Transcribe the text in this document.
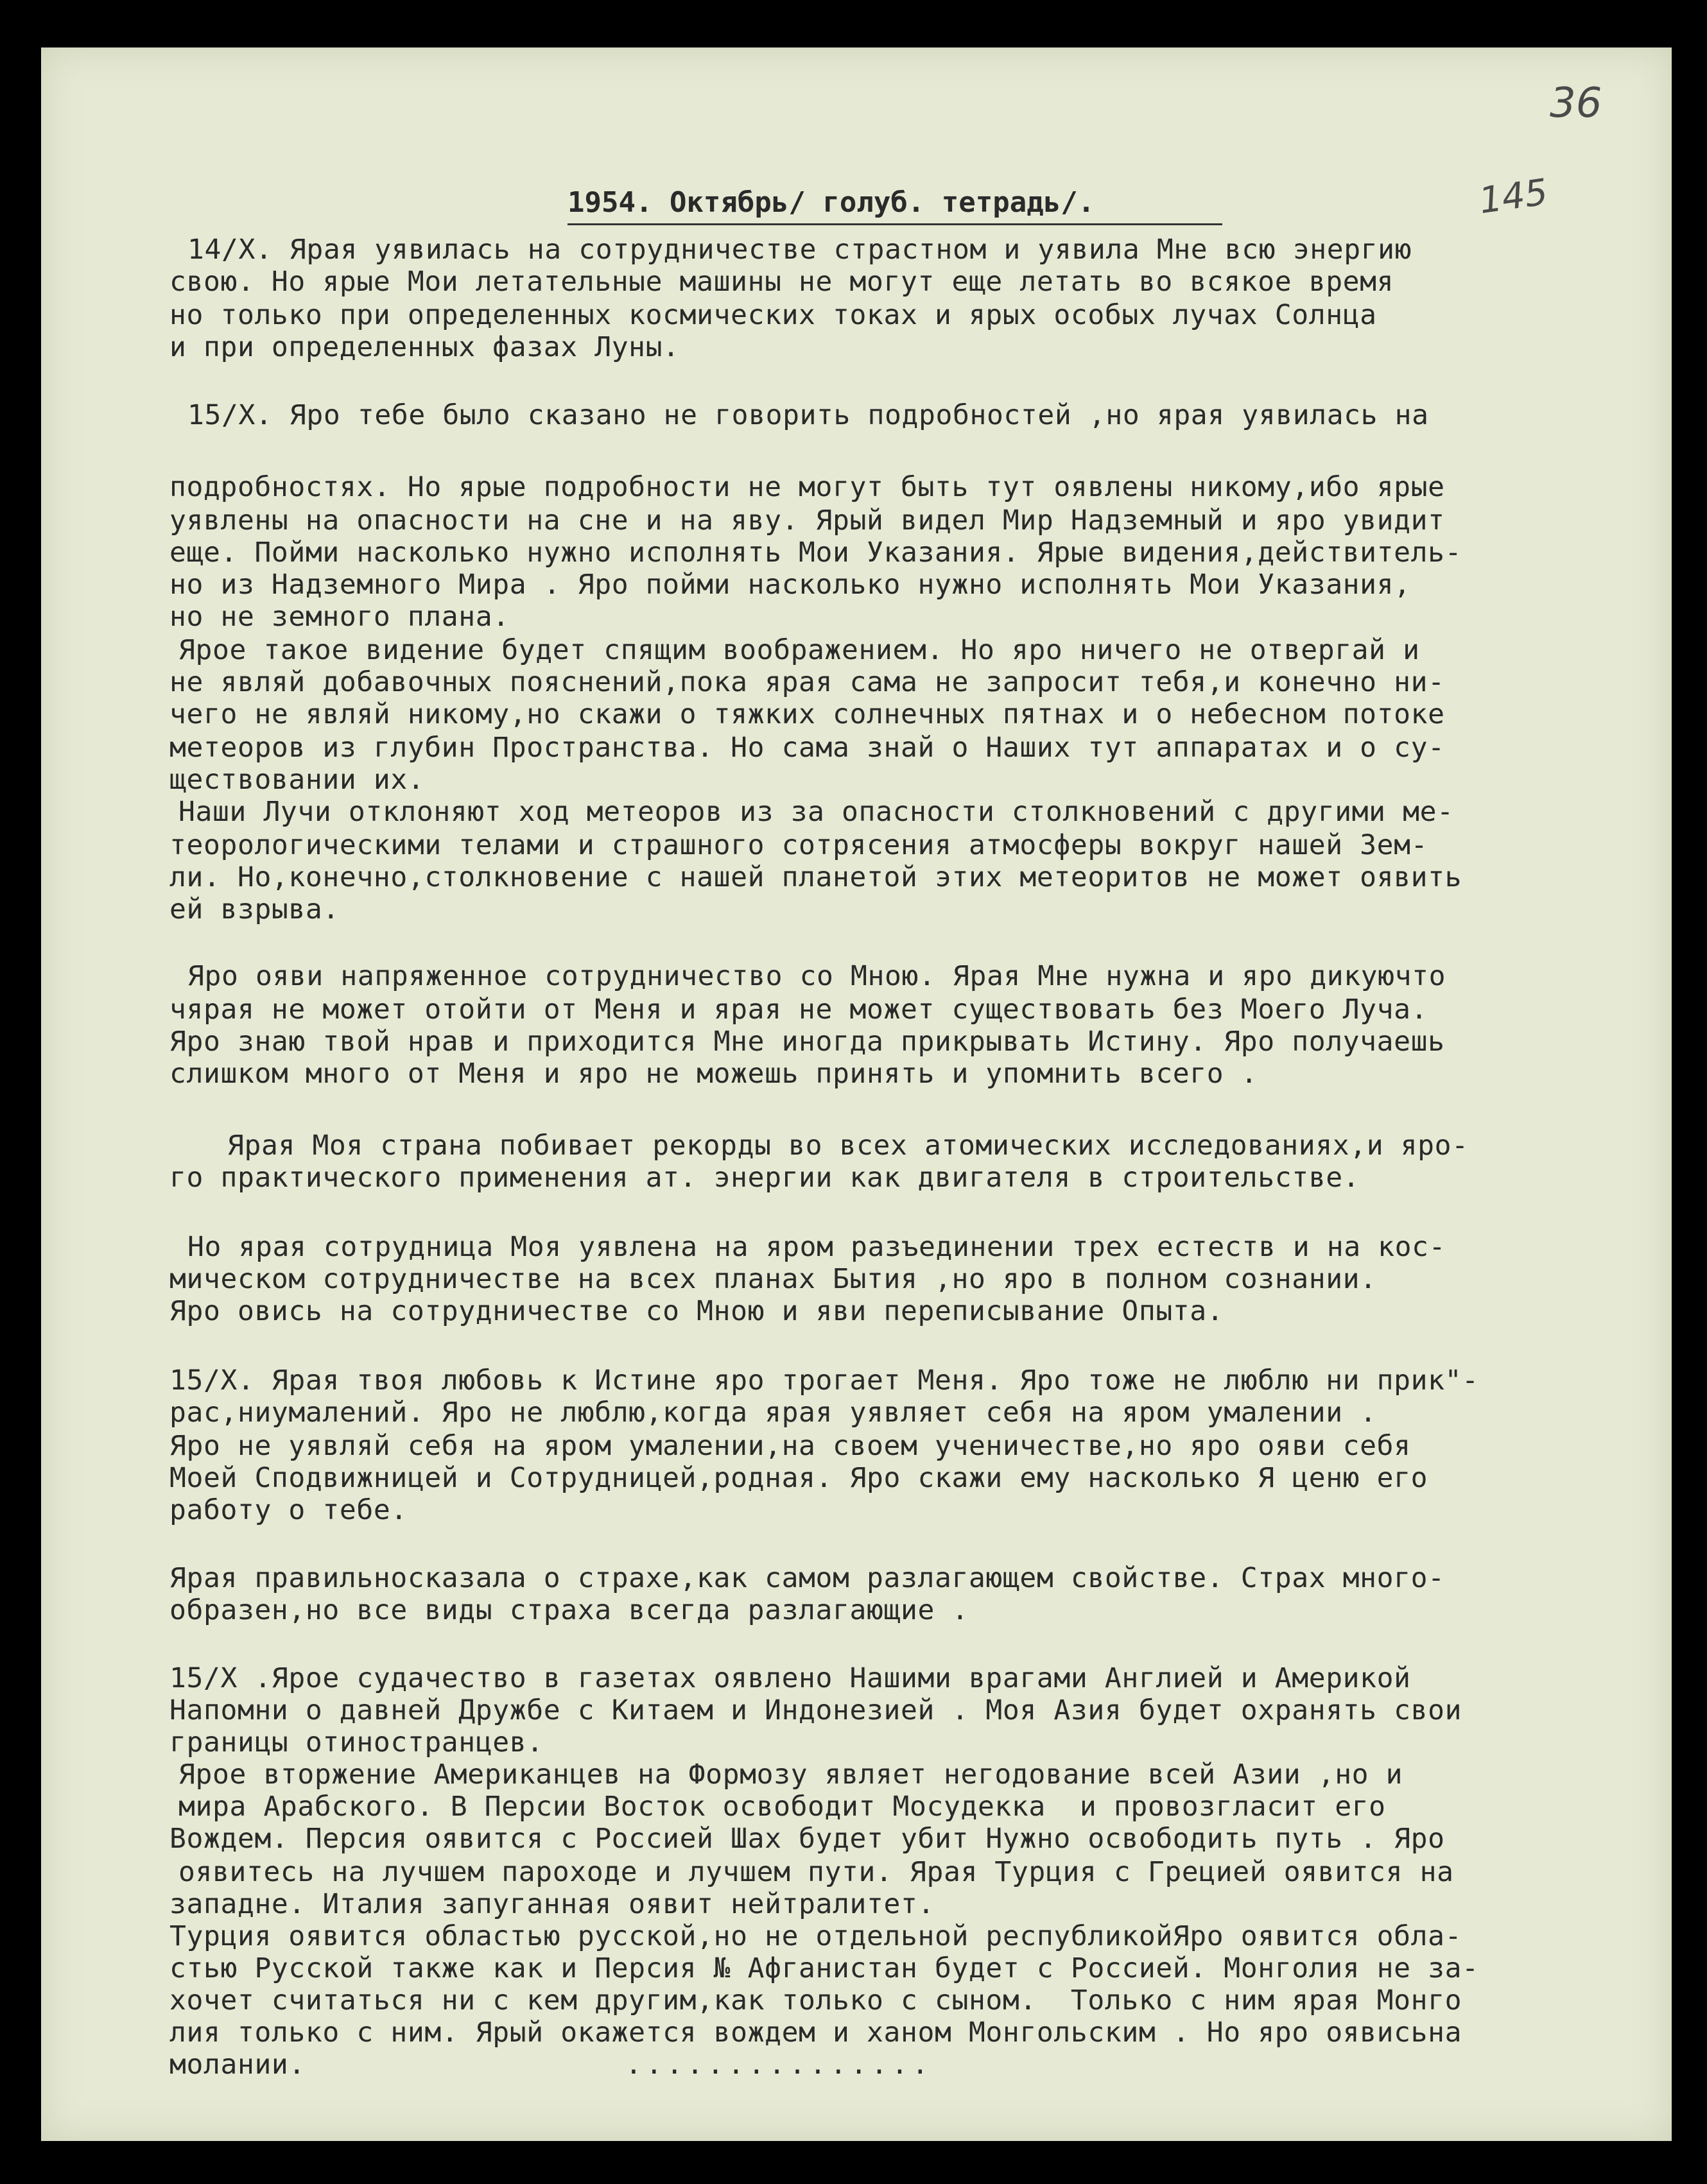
36
145
1954. Октябрь/ голуб. тетрадь/.
14/X. Ярая уявилась на сотрудничестве страстном и уявила Мне всю энергию
свою. Но ярые Мои летательные машины не могут еще летать во всякое время
но только при определенных космических токах и ярых особых лучах Солнца
и при определенных фазах Луны.
15/X. Яро тебе было сказано не говорить подробностей ,но ярая уявилась на
подробностях. Но ярые подробности не могут быть тут оявлены никому,ибо ярые
уявлены на опасности на сне и на яву. Ярый видел Мир Надземный и яро увидит
еще. Пойми насколько нужно исполнять Мои Указания. Ярые видения,действитель-
но из Надземного Мира . Яро пойми насколько нужно исполнять Мои Указания,
но не земного плана.
Ярое такое видение будет спящим воображением. Но яро ничего не отвергай и
не являй добавочных пояснений,пока ярая сама не запросит тебя,и конечно ни-
чего не являй никому,но скажи о тяжких солнечных пятнах и о небесном потоке
метеоров из глубин Пространства. Но сама знай о Наших тут аппаратах и о су-
ществовании их.
Наши Лучи отклоняют ход метеоров из за опасности столкновений с другими ме-
теорологическими телами и страшного сотрясения атмосферы вокруг нашей Зем-
ли. Но,конечно,столкновение с нашей планетой этих метеоритов не может оявить
ей взрыва.
Яро ояви напряженное сотрудничество со Мною. Ярая Мне нужна и яро дикуючто
чярая не может отойти от Меня и ярая не может существовать без Моего Луча.
Яро знаю твой нрав и приходится Мне иногда прикрывать Истину. Яро получаешь
слишком много от Меня и яро не можешь принять и упомнить всего .
Ярая Моя страна побивает рекорды во всех атомических исследованиях,и яро-
го практического применения ат. энергии как двигателя в строительстве.
Но ярая сотрудница Моя уявлена на яром разъединении трех естеств и на кос-
мическом сотрудничестве на всех планах Бытия ,но яро в полном сознании.
Яро овись на сотрудничестве со Мною и яви переписывание Опыта.
15/X. Ярая твоя любовь к Истине яро трогает Меня. Яро тоже не люблю ни прик"-
рас,ниумалений. Яро не люблю,когда ярая уявляет себя на яром умалении .
Яро не уявляй себя на яром умалении,на своем ученичестве,но яро ояви себя
Моей Сподвижницей и Сотрудницей,родная. Яро скажи ему насколько Я ценю его
работу о тебе.
Ярая правильносказала о страхе,как самом разлагающем свойстве. Страх много-
образен,но все виды страха всегда разлагающие .
15/X .Ярое судачество в газетах оявлено Нашими врагами Англией и Америкой
Напомни о давней Дружбе с Китаем и Индонезией . Моя Азия будет охранять свои
границы отиностранцев.
Ярое вторжение Американцев на Формозу являет негодование всей Азии ,но и
мира Арабского. В Персии Восток освободит Мосудекка  и провозгласит его
Вождем. Персия оявится с Россией Шах будет убит Нужно освободить путь . Яро
оявитесь на лучшем пароходе и лучшем пути. Ярая Турция с Грецией оявится на
западне. Италия запуганная оявит нейтралитет.
Турция оявится областью русской,но не отдельной республикойЯро оявится обла-
стью Русской также как и Персия № Афганистан будет с Россией. Монголия не за-
хочет считаться ни с кем другим,как только с сыном.  Только с ним ярая Монго
лия только с ним. Ярый окажется вождем и ханом Монгольским . Но яро оявисьна
молании.	...............
